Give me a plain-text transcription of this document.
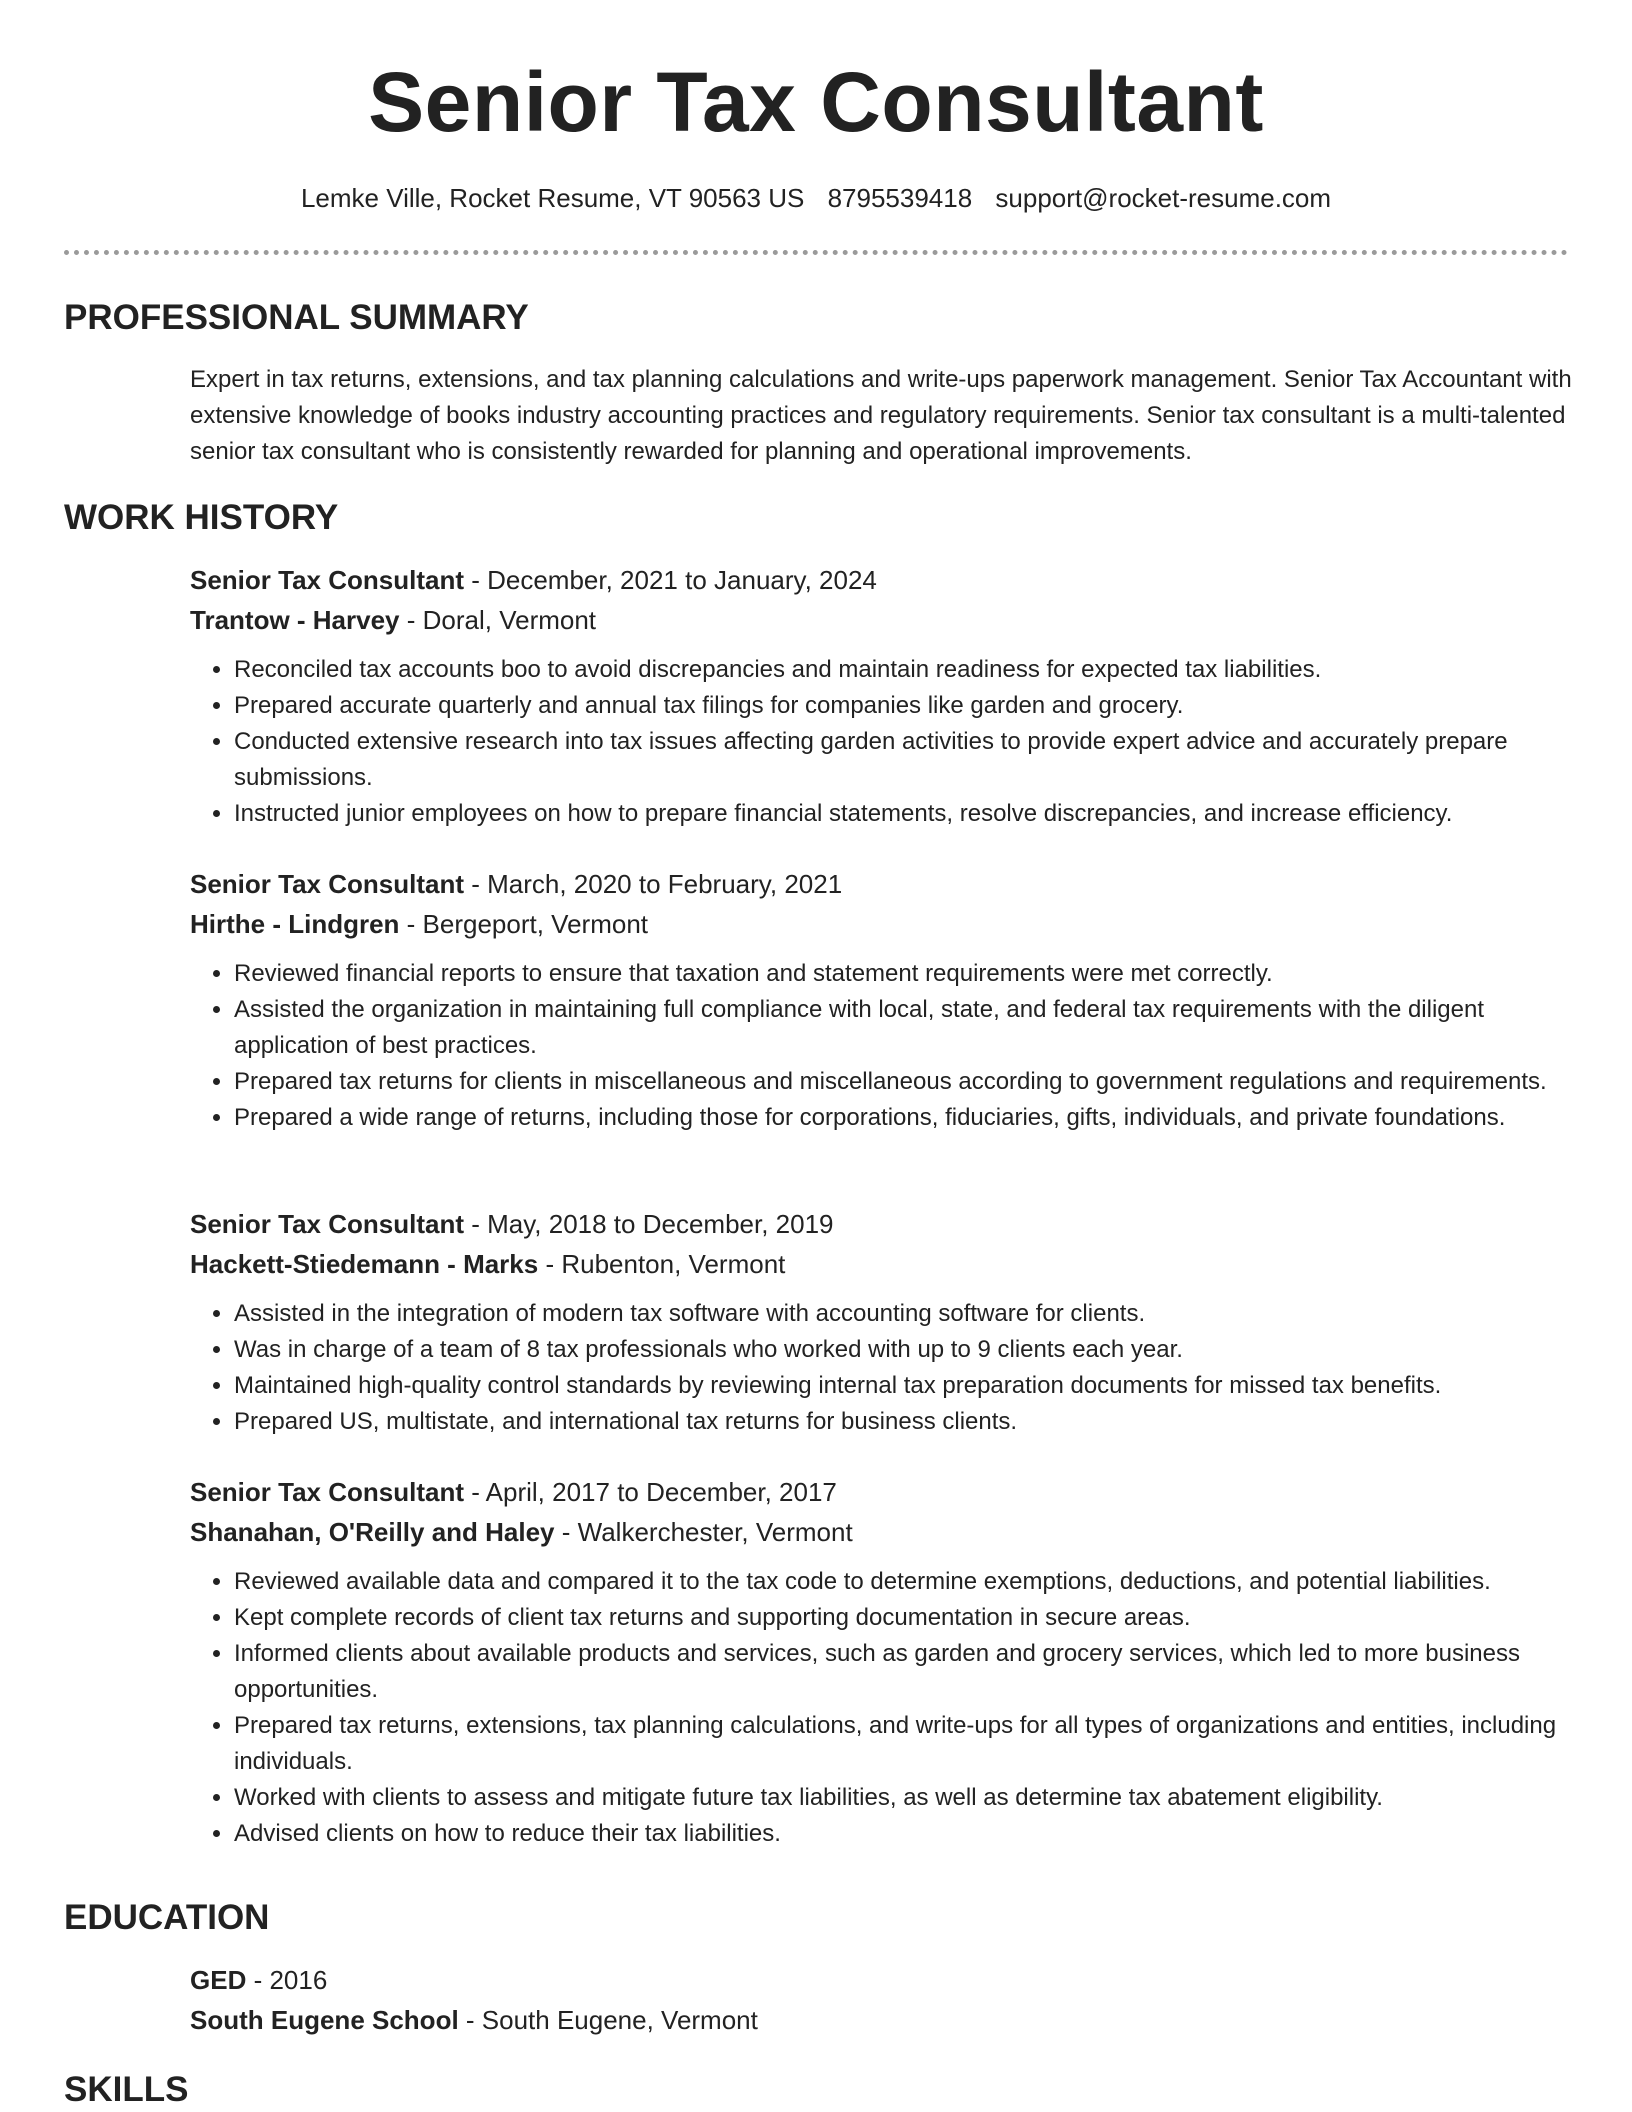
Senior Tax Consultant
Lemke Ville, Rocket Resume, VT 90563 US 8795539418 support@rocket-resume.com
PROFESSIONAL SUMMARY

Expert in tax returns, extensions, and tax planning calculations and write-ups paperwork management. Senior Tax Accountant with extensive knowledge of books industry accounting practices and regulatory requirements. Senior tax consultant is a multi-talented senior tax consultant who is consistently rewarded for planning and operational improvements.

WORK HISTORY
Senior Tax Consultant - December, 2021 to January, 2024
Trantow - Harvey - Doral, Vermont
• Reconciled tax accounts boo to avoid discrepancies and maintain readiness for expected tax liabilities.
• Prepared accurate quarterly and annual tax filings for companies like garden and grocery.
• Conducted extensive research into tax issues affecting garden activities to provide expert advice and accurately prepare submissions.
• Instructed junior employees on how to prepare financial statements, resolve discrepancies, and increase efficiency.
Senior Tax Consultant - March, 2020 to February, 2021
Hirthe - Lindgren - Bergeport, Vermont
• Reviewed financial reports to ensure that taxation and statement requirements were met correctly.
• Assisted the organization in maintaining full compliance with local, state, and federal tax requirements with the diligent application of best practices.
• Prepared tax returns for clients in miscellaneous and miscellaneous according to government regulations and requirements.
• Prepared a wide range of returns, including those for corporations, fiduciaries, gifts, individuals, and private foundations.
Senior Tax Consultant - May, 2018 to December, 2019
Hackett-Stiedemann - Marks - Rubenton, Vermont
• Assisted in the integration of modern tax software with accounting software for clients.
• Was in charge of a team of 8 tax professionals who worked with up to 9 clients each year.
• Maintained high-quality control standards by reviewing internal tax preparation documents for missed tax benefits.
• Prepared US, multistate, and international tax returns for business clients.
Senior Tax Consultant - April, 2017 to December, 2017
Shanahan, O'Reilly and Haley - Walkerchester, Vermont
• Reviewed available data and compared it to the tax code to determine exemptions, deductions, and potential liabilities.
• Kept complete records of client tax returns and supporting documentation in secure areas.
• Informed clients about available products and services, such as garden and grocery services, which led to more business opportunities.
• Prepared tax returns, extensions, tax planning calculations, and write-ups for all types of organizations and entities, including individuals.
• Worked with clients to assess and mitigate future tax liabilities, as well as determine tax abatement eligibility.
• Advised clients on how to reduce their tax liabilities.
EDUCATION
GED - 2016
South Eugene School - South Eugene, Vermont
SKILLS
